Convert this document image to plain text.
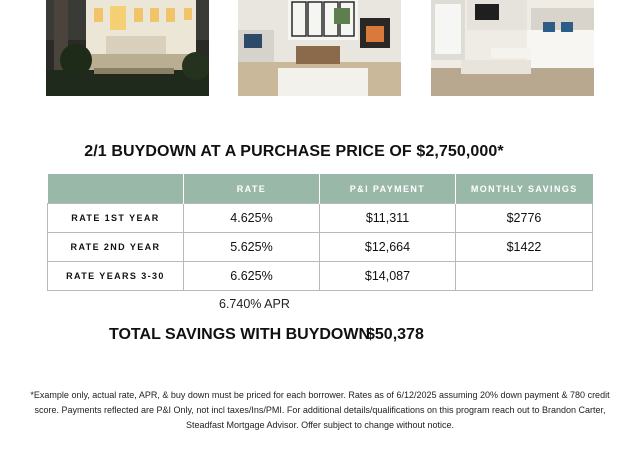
2/1 BUYDOWN AT A PURCHASE PRICE OF $2,750,000*
	RATE	P&I PAYMENT	MONTHLY SAVINGS
RATE 1ST YEAR	4.625%	$11,311	$2776
RATE 2ND YEAR	5.625%	$12,664	$1422
RATE YEARS 3-30	6.625%	$14,087	
6.740% APR
TOTAL SAVINGS WITH BUYDOWN
$50,378
*Example only, actual rate, APR, & buy down must be priced for each borrower. Rates as of 6/12/2025 assuming 20% down payment & 780 credit score. Payments reflected are P&I Only, not incl taxes/Ins/PMI. For additional details/qualifications on this program reach out to Brandon Carter, Steadfast Mortgage Advisor. Offer subject to change without notice.
